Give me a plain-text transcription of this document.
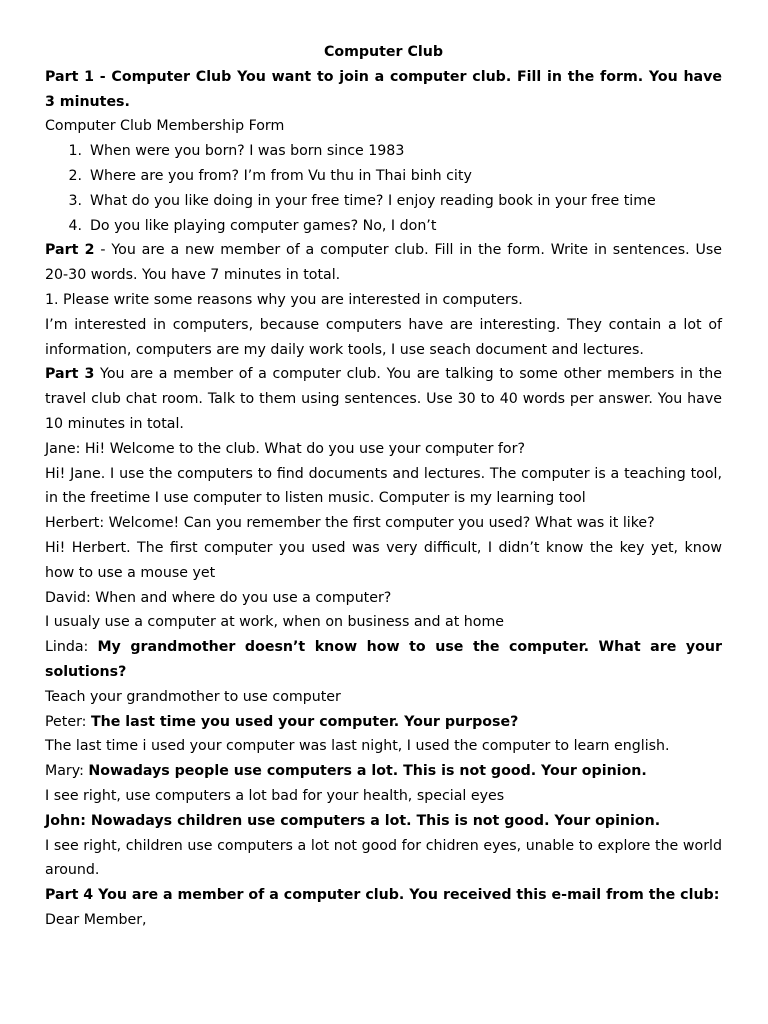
Computer Club

Part 1 - Computer Club You want to join a computer club. Fill in the form. You have 3 minutes.

Computer Club Membership Form

1. When were you born? I was born since 1983
2. Where are you from? I’m from Vu thu in Thai binh city
3. What do you like doing in your free time? I enjoy reading book in your free time
4. Do you like playing computer games? No, I don’t

Part 2 - You are a new member of a computer club. Fill in the form. Write in sentences. Use 20-30 words. You have 7 minutes in total.

1. Please write some reasons why you are interested in computers.

I’m interested in computers, because computers have are interesting. They contain a lot of information, computers are my daily work tools, I use seach document and lectures.

Part 3 You are a member of a computer club. You are talking to some other members in the travel club chat room. Talk to them using sentences. Use 30 to 40 words per answer. You have 10 minutes in total.

Jane: Hi! Welcome to the club. What do you use your computer for?

Hi! Jane. I use the computers to find documents and lectures. The computer is a teaching tool, in the freetime I use computer to listen music. Computer is my learning tool

Herbert: Welcome! Can you remember the first computer you used? What was it like?

Hi! Herbert. The first computer you used was very difficult, I didn’t know the key yet, know how to use a mouse yet

David: When and where do you use a computer?

I usualy use a computer at work, when on business and at home

Linda: My grandmother doesn’t know how to use the computer. What are your solutions?

Teach your grandmother to use computer

Peter: The last time you used your computer. Your purpose?

The last time i used your computer was last night, I used the computer to learn english.

Mary: Nowadays people use computers a lot. This is not good. Your opinion.

I see right, use computers a lot bad for your health, special eyes

John: Nowadays children use computers a lot. This is not good. Your opinion.

I see right, children use computers a lot not good for chidren eyes, unable to explore the world around.

Part 4 You are a member of a computer club. You received this e-mail from the club:

Dear Member,
